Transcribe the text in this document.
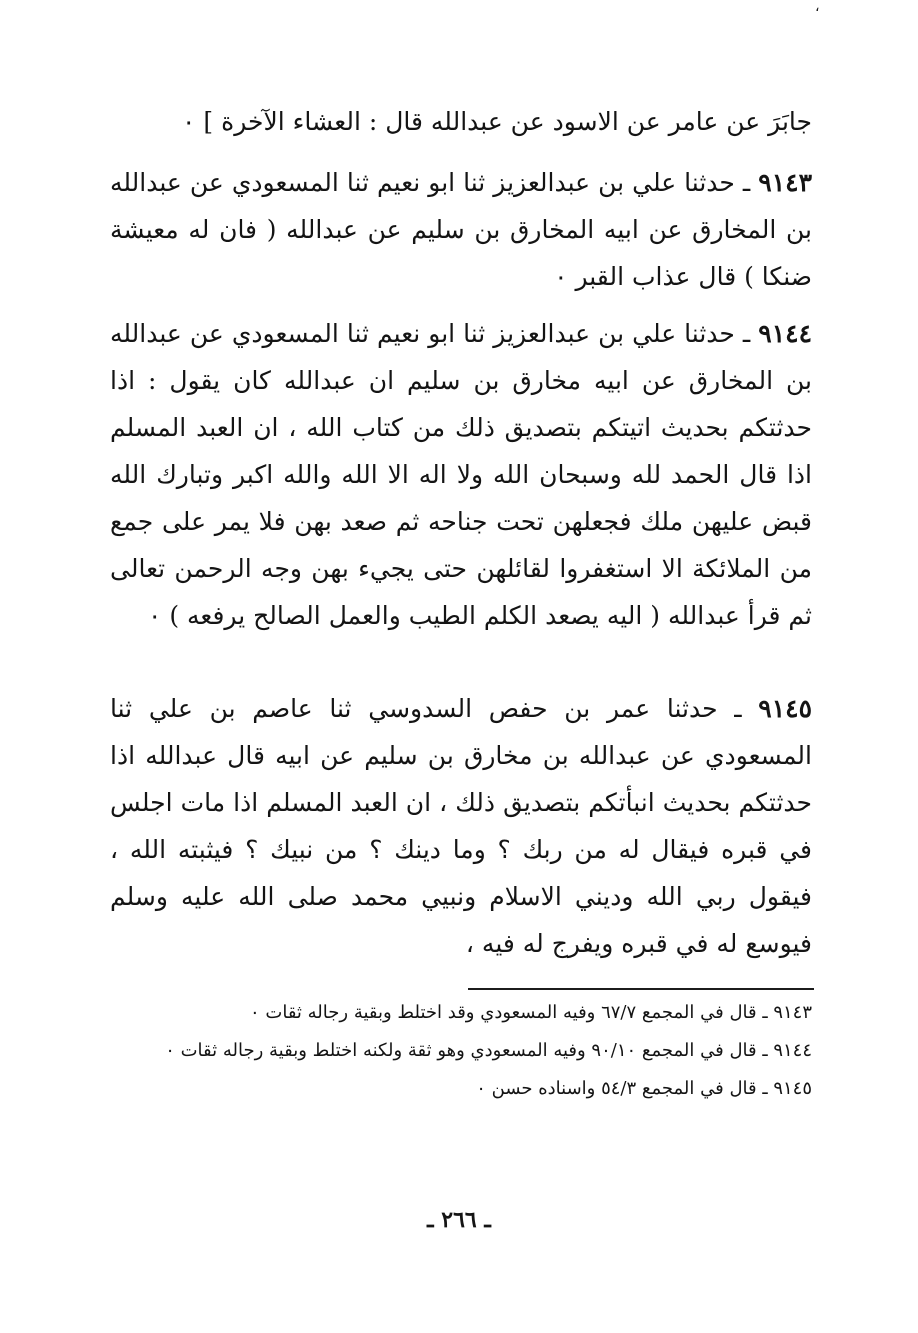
،

جابَرَ عن عامر عن الاسود عن عبدالله قال : العشاء الآخرة ] ٠

٩١٤٣ ـ حدثنا علي بن عبدالعزيز ثنا ابو نعيم ثنا المسعودي عن عبدالله بن المخارق عن ابيه المخارق بن سليم عن عبدالله ( فان له معيشة ضنكا ) قال عذاب القبر ٠

٩١٤٤ ـ حدثنا علي بن عبدالعزيز ثنا ابو نعيم ثنا المسعودي عن عبدالله بن المخارق عن ابيه مخارق بن سليم ان عبدالله كان يقول : اذا حدثتكم بحديث اتيتكم بتصديق ذلك من كتاب الله ، ان العبد المسلم اذا قال الحمد لله وسبحان الله ولا اله الا الله والله اكبر وتبارك الله قبض عليهن ملك فجعلهن تحت جناحه ثم صعد بهن فلا يمر على جمع من الملائكة الا استغفروا لقائلهن حتى يجيء بهن وجه الرحمن تعالى ثم قرأ عبدالله ( اليه يصعد الكلم الطيب والعمل الصالح يرفعه ) ٠

٩١٤٥ ـ حدثنا عمر بن حفص السدوسي ثنا عاصم بن علي ثنا المسعودي عن عبدالله بن مخارق بن سليم عن ابيه قال عبدالله اذا حدثتكم بحديث انبأتكم بتصديق ذلك ، ان العبد المسلم اذا مات اجلس في قبره فيقال له من ربك ؟ وما دينك ؟ من نبيك ؟ فيثبته الله ، فيقول ربي الله وديني الاسلام ونبيي محمد صلى الله عليه وسلم فيوسع له في قبره ويفرج له فيه ،

٩١٤٣ ـ قال في المجمع ٦٧/٧ وفيه المسعودي وقد اختلط وبقية رجاله ثقات ٠

٩١٤٤ ـ قال في المجمع ٩٠/١٠ وفيه المسعودي وهو ثقة ولكنه اختلط وبقية رجاله ثقات ٠

٩١٤٥ ـ قال في المجمع ٥٤/٣ واسناده حسن ٠

ـ ٢٦٦ ـ
